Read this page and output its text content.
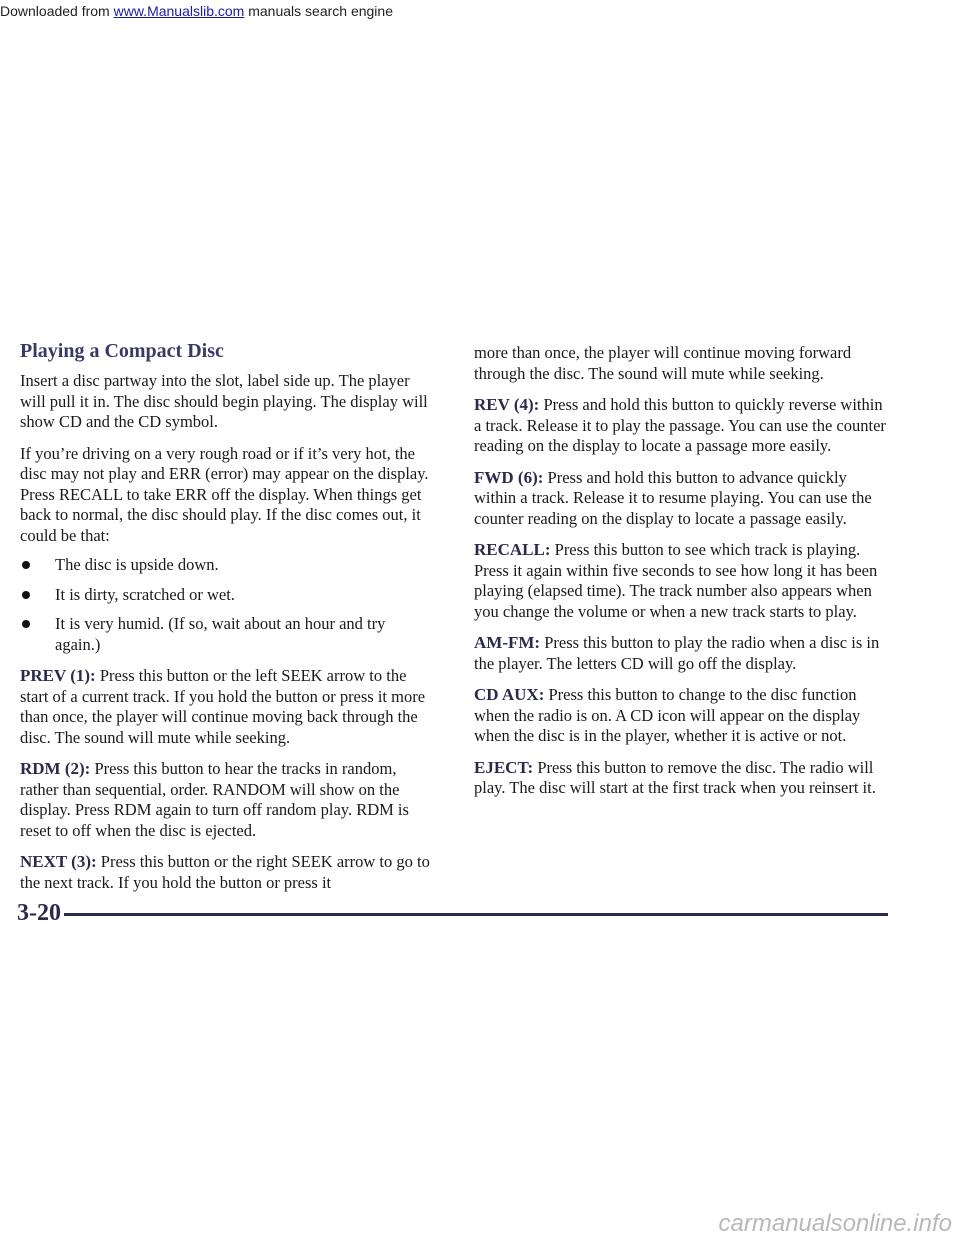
Downloaded from www.Manualslib.com manuals search engine
Playing a Compact Disc

Insert a disc partway into the slot, label side up. The player will pull it in. The disc should begin playing. The display will show CD and the CD symbol.

If you’re driving on a very rough road or if it’s very hot, the disc may not play and ERR (error) may appear on the display. Press RECALL to take ERR off the display. When things get back to normal, the disc should play. If the disc comes out, it could be that:

The disc is upside down.
It is dirty, scratched or wet.
It is very humid. (If so, wait about an hour and try again.)

PREV (1): Press this button or the left SEEK arrow to the start of a current track. If you hold the button or press it more than once, the player will continue moving back through the disc. The sound will mute while seeking.

RDM (2): Press this button to hear the tracks in random, rather than sequential, order. RANDOM will show on the display. Press RDM again to turn off random play. RDM is reset to off when the disc is ejected.

NEXT (3): Press this button or the right SEEK arrow to go to the next track. If you hold the button or press it

more than once, the player will continue moving forward through the disc. The sound will mute while seeking.

REV (4): Press and hold this button to quickly reverse within a track. Release it to play the passage. You can use the counter reading on the display to locate a passage more easily.

FWD (6): Press and hold this button to advance quickly within a track. Release it to resume playing. You can use the counter reading on the display to locate a passage easily.

RECALL: Press this button to see which track is playing. Press it again within five seconds to see how long it has been playing (elapsed time). The track number also appears when you change the volume or when a new track starts to play.

AM-FM: Press this button to play the radio when a disc is in the player. The letters CD will go off the display.

CD AUX: Press this button to change to the disc function when the radio is on. A CD icon will appear on the display when the disc is in the player, whether it is active or not.

EJECT: Press this button to remove the disc. The radio will play. The disc will start at the first track when you reinsert it.

3-20
carmanualsonline.info
